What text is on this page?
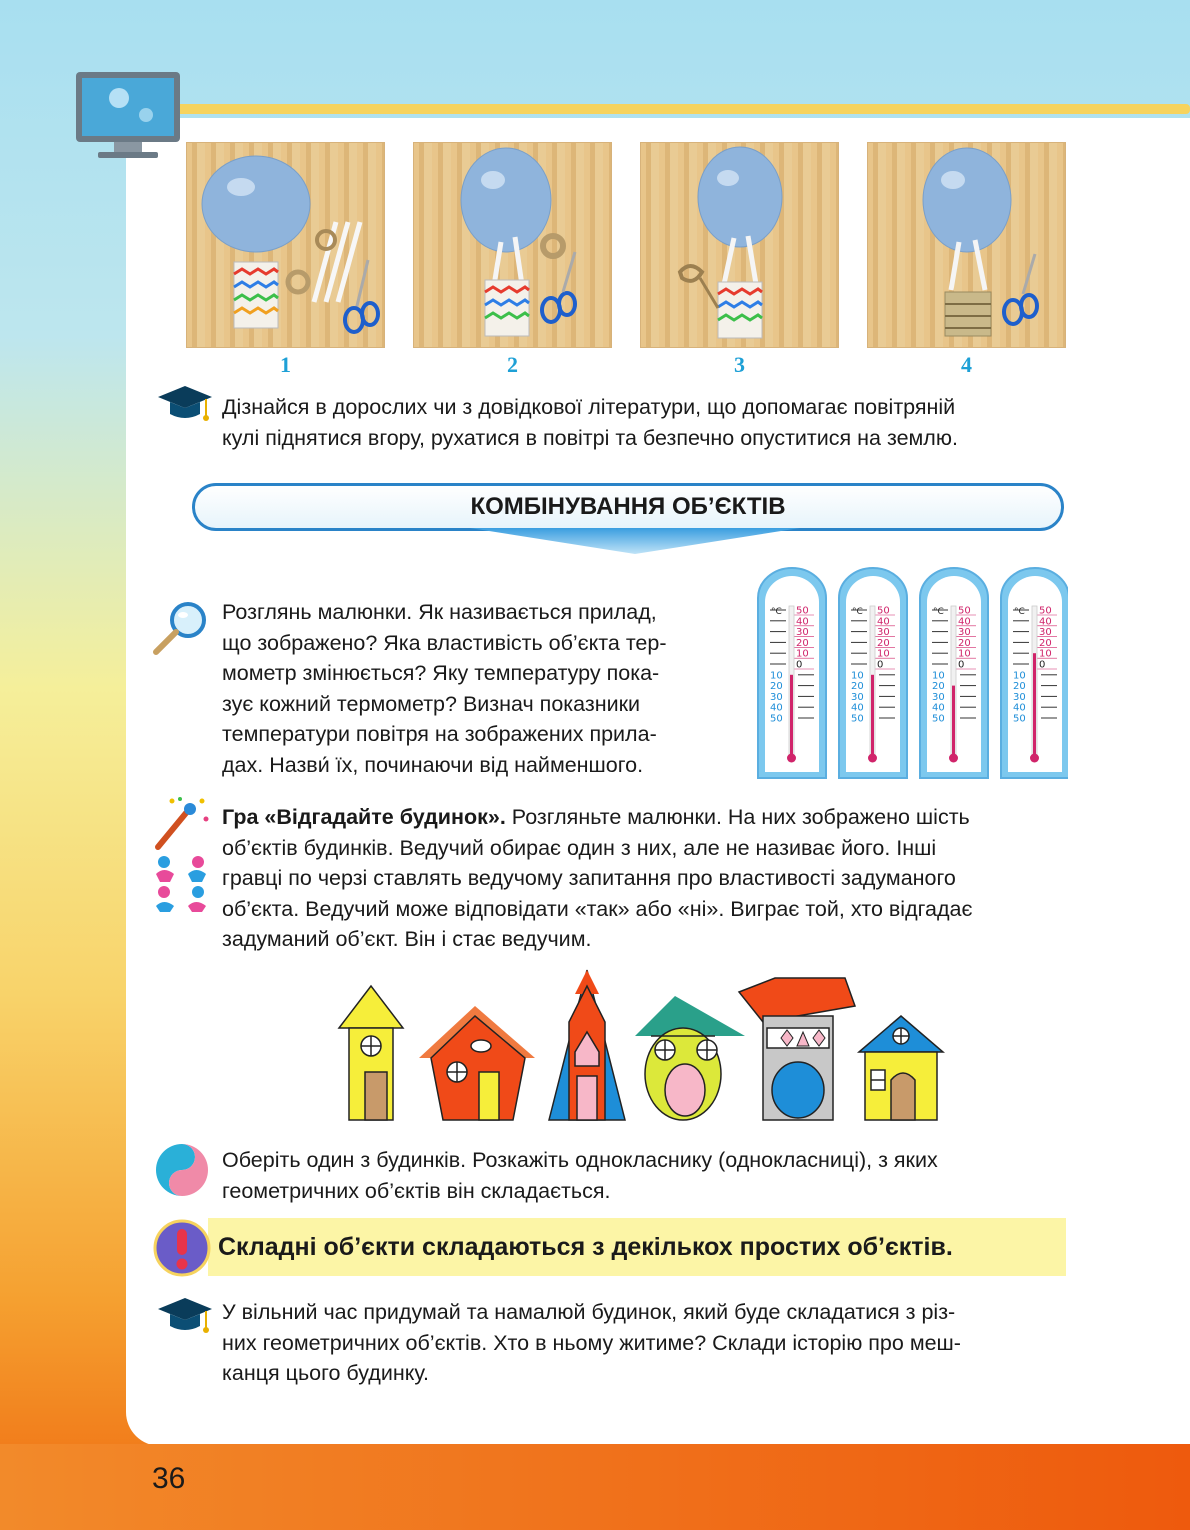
1	2	3	4
Дізнайся в дорослих чи з довідкової літератури, що допомагає повітряній
кулі піднятися вгору, рухатися в повітрі та безпечно опуститися на землю.
КОМБІНУВАННЯ ОБ’ЄКТІВ
Розглянь малюнки. Як називається прилад,
що зображено? Яка властивість об’єкта тер-
мометр змінюється? Яку температуру пока-
зує кожний термометр? Визнач показники
температури повітря на зображених прила-
дах. Назви́ їх, починаючи від найменшого.
°C 50
40
30
20
10
0
10
20
30
40
50
°C 50
40
30
20
10
0
10
20
30
40
50
°C 50
40
30
20
10
0
10
20
30
40
50
°C 50
40
30
20
10
0
10
20
30
40
50
Гра «Відгадайте будинок». Розгляньте малюнки. На них зображено шість
об’єктів будинків. Ведучий обирає один з них, але не називає його. Інші
гравці по черзі ставлять ведучому запитання про властивості задуманого
об’єкта. Ведучий може відповідати «так» або «ні». Виграє той, хто відгадає
задуманий об’єкт. Він і стає ведучим.
Оберіть один з будинків. Розкажіть однокласнику (однокласниці), з яких
геометричних об’єктів він складається.
Складні об’єкти складаються з декількох простих об’єктів.
У вільний час придумай та намалюй будинок, який буде складатися з різ-
них геометричних об’єктів. Хто в ньому житиме? Склади історію про меш-
канця цього будинку.
36
